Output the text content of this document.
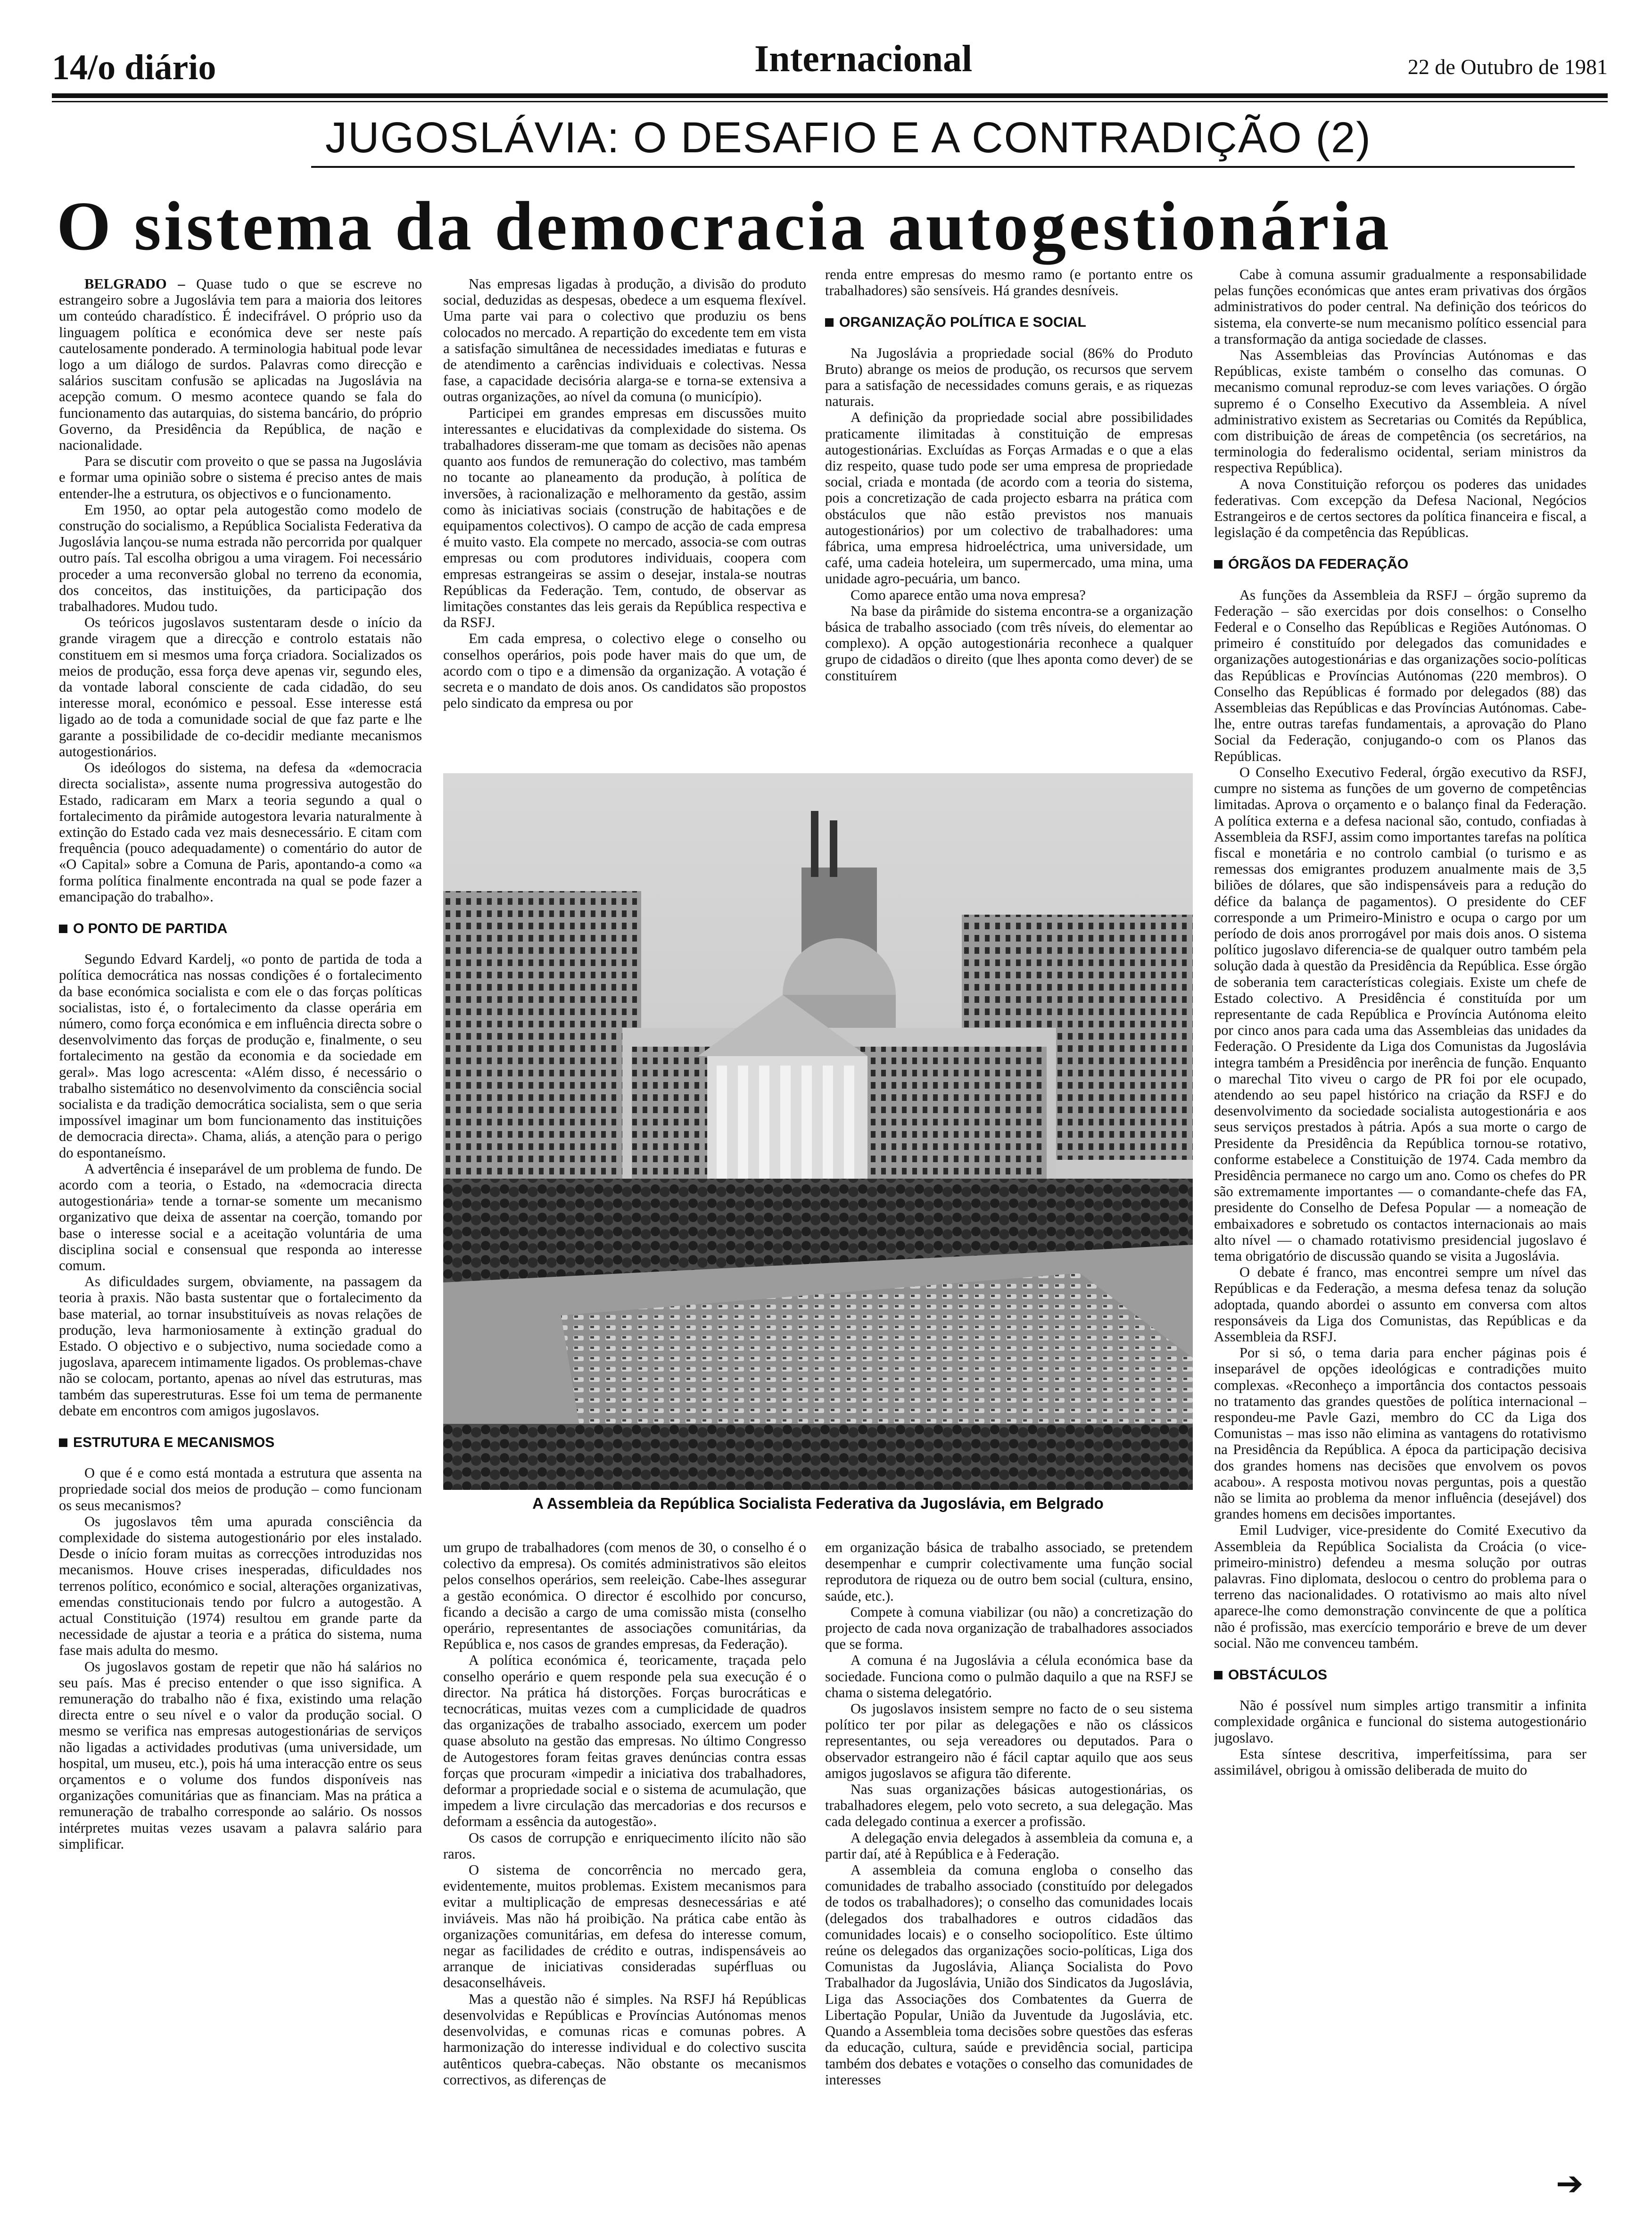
14/o diário	Internacional	22 de Outubro de 1981
JUGOSLÁVIA: O DESAFIO E A CONTRADIÇÃO (2)
O sistema da democracia autogestionária

BELGRADO – Quase tudo o que se escreve no estrangeiro sobre a Jugoslávia tem para a maioria dos leitores um conteúdo charadístico. É indecifrável. O próprio uso da linguagem política e económica deve ser neste país cautelosamente ponderado. A terminologia habitual pode levar logo a um diálogo de surdos. Palavras como direcção e salários suscitam confusão se aplicadas na Jugoslávia na acepção comum. O mesmo acontece quando se fala do funcionamento das autarquias, do sistema bancário, do próprio Governo, da Presidência da República, de nação e nacionalidade.

Para se discutir com proveito o que se passa na Jugoslávia e formar uma opinião sobre o sistema é preciso antes de mais entender-lhe a estrutura, os objectivos e o funcionamento.

Em 1950, ao optar pela autogestão como modelo de construção do socialismo, a República Socialista Federativa da Jugoslávia lançou-se numa estrada não percorrida por qualquer outro país. Tal escolha obrigou a uma viragem. Foi necessário proceder a uma reconversão global no terreno da economia, dos conceitos, das instituições, da participação dos trabalhadores. Mudou tudo.

Os teóricos jugoslavos sustentaram desde o início da grande viragem que a direcção e controlo estatais não constituem em si mesmos uma força criadora. Socializados os meios de produção, essa força deve apenas vir, segundo eles, da vontade laboral consciente de cada cidadão, do seu interesse moral, económico e pessoal. Esse interesse está ligado ao de toda a comunidade social de que faz parte e lhe garante a possibilidade de co-decidir mediante mecanismos autogestionários.

Os ideólogos do sistema, na defesa da «democracia directa socialista», assente numa progressiva autogestão do Estado, radicaram em Marx a teoria segundo a qual o fortalecimento da pirâmide autogestora levaria naturalmente à extinção do Estado cada vez mais desnecessário. E citam com frequência (pouco adequadamente) o comentário do autor de «O Capital» sobre a Comuna de Paris, apontando-a como «a forma política finalmente encontrada na qual se pode fazer a emancipação do trabalho».

O PONTO DE PARTIDA

Segundo Edvard Kardelj, «o ponto de partida de toda a política democrática nas nossas condições é o fortalecimento da base económica socialista e com ele o das forças políticas socialistas, isto é, o fortalecimento da classe operária em número, como força económica e em influência directa sobre o desenvolvimento das forças de produção e, finalmente, o seu fortalecimento na gestão da economia e da sociedade em geral». Mas logo acrescenta: «Além disso, é necessário o trabalho sistemático no desenvolvimento da consciência social socialista e da tradição democrática socialista, sem o que seria impossível imaginar um bom funcionamento das instituições de democracia directa». Chama, aliás, a atenção para o perigo do espontaneísmo.

A advertência é inseparável de um problema de fundo. De acordo com a teoria, o Estado, na «democracia directa autogestionária» tende a tornar-se somente um mecanismo organizativo que deixa de assentar na coerção, tomando por base o interesse social e a aceitação voluntária de uma disciplina social e consensual que responda ao interesse comum.

As dificuldades surgem, obviamente, na passagem da teoria à praxis. Não basta sustentar que o fortalecimento da base material, ao tornar insubstituíveis as novas relações de produção, leva harmoniosamente à extinção gradual do Estado. O objectivo e o subjectivo, numa sociedade como a jugoslava, aparecem intimamente ligados. Os problemas-chave não se colocam, portanto, apenas ao nível das estruturas, mas também das superestruturas. Esse foi um tema de permanente debate em encontros com amigos jugoslavos.

ESTRUTURA E MECANISMOS

O que é e como está montada a estrutura que assenta na propriedade social dos meios de produção – como funcionam os seus mecanismos?

Os jugoslavos têm uma apurada consciência da complexidade do sistema autogestionário por eles instalado. Desde o início foram muitas as correcções introduzidas nos mecanismos. Houve crises inesperadas, dificuldades nos terrenos político, económico e social, alterações organizativas, emendas constitucionais tendo por fulcro a autogestão. A actual Constituição (1974) resultou em grande parte da necessidade de ajustar a teoria e a prática do sistema, numa fase mais adulta do mesmo.

Os jugoslavos gostam de repetir que não há salários no seu país. Mas é preciso entender o que isso significa. A remuneração do trabalho não é fixa, existindo uma relação directa entre o seu nível e o valor da produção social. O mesmo se verifica nas empresas autogestionárias de serviços não ligadas a actividades produtivas (uma universidade, um hospital, um museu, etc.), pois há uma interacção entre os seus orçamentos e o volume dos fundos disponíveis nas organizações comunitárias que as financiam. Mas na prática a remuneração de trabalho corresponde ao salário. Os nossos intérpretes muitas vezes usavam a palavra salário para simplificar.

Nas empresas ligadas à produção, a divisão do produto social, deduzidas as despesas, obedece a um esquema flexível. Uma parte vai para o colectivo que produziu os bens colocados no mercado. A repartição do excedente tem em vista a satisfação simultânea de necessidades imediatas e futuras e de atendimento a carências individuais e colectivas. Nessa fase, a capacidade decisória alarga-se e torna-se extensiva a outras organizações, ao nível da comuna (o município).

Participei em grandes empresas em discussões muito interessantes e elucidativas da complexidade do sistema. Os trabalhadores disseram-me que tomam as decisões não apenas quanto aos fundos de remuneração do colectivo, mas também no tocante ao planeamento da produção, à política de inversões, à racionalização e melhoramento da gestão, assim como às iniciativas sociais (construção de habitações e de equipamentos colectivos). O campo de acção de cada empresa é muito vasto. Ela compete no mercado, associa-se com outras empresas ou com produtores individuais, coopera com empresas estrangeiras se assim o desejar, instala-se noutras Repúblicas da Federação. Tem, contudo, de observar as limitações constantes das leis gerais da República respectiva e da RSFJ.

Em cada empresa, o colectivo elege o conselho ou conselhos operários, pois pode haver mais do que um, de acordo com o tipo e a dimensão da organização. A votação é secreta e o mandato de dois anos. Os candidatos são propostos pelo sindicato da empresa ou por

renda entre empresas do mesmo ramo (e portanto entre os trabalhadores) são sensíveis. Há grandes desníveis.

ORGANIZAÇÃO POLÍTICA E SOCIAL

Na Jugoslávia a propriedade social (86% do Produto Bruto) abrange os meios de produção, os recursos que servem para a satisfação de necessidades comuns gerais, e as riquezas naturais.

A definição da propriedade social abre possibilidades praticamente ilimitadas à constituição de empresas autogestionárias. Excluídas as Forças Armadas e o que a elas diz respeito, quase tudo pode ser uma empresa de propriedade social, criada e montada (de acordo com a teoria do sistema, pois a concretização de cada projecto esbarra na prática com obstáculos que não estão previstos nos manuais autogestionários) por um colectivo de trabalhadores: uma fábrica, uma empresa hidroeléctrica, uma universidade, um café, uma cadeia hoteleira, um supermercado, uma mina, uma unidade agro-pecuária, um banco.

Como aparece então uma nova empresa?

Na base da pirâmide do sistema encontra-se a organização básica de trabalho associado (com três níveis, do elementar ao complexo). A opção autogestionária reconhece a qualquer grupo de cidadãos o direito (que lhes aponta como dever) de se constituírem

Cabe à comuna assumir gradualmente a responsabilidade pelas funções económicas que antes eram privativas dos órgãos administrativos do poder central. Na definição dos teóricos do sistema, ela converte-se num mecanismo político essencial para a transformação da antiga sociedade de classes.

Nas Assembleias das Províncias Autónomas e das Repúblicas, existe também o conselho das comunas. O mecanismo comunal reproduz-se com leves variações. O órgão supremo é o Conselho Executivo da Assembleia. A nível administrativo existem as Secretarias ou Comités da República, com distribuição de áreas de competência (os secretários, na terminologia do federalismo ocidental, seriam ministros da respectiva República).

A nova Constituição reforçou os poderes das unidades federativas. Com excepção da Defesa Nacional, Negócios Estrangeiros e de certos sectores da política financeira e fiscal, a legislação é da competência das Repúblicas.

ÓRGÃOS DA FEDERAÇÃO

As funções da Assembleia da RSFJ – órgão supremo da Federação – são exercidas por dois conselhos: o Conselho Federal e o Conselho das Repúblicas e Regiões Autónomas. O primeiro é constituído por delegados das comunidades e organizações autogestionárias e das organizações socio-políticas das Repúblicas e Províncias Autónomas (220 membros). O Conselho das Repúblicas é formado por delegados (88) das Assembleias das Repúblicas e das Províncias Autónomas. Cabe-lhe, entre outras tarefas fundamentais, a aprovação do Plano Social da Federação, conjugando-o com os Planos das Repúblicas.

O Conselho Executivo Federal, órgão executivo da RSFJ, cumpre no sistema as funções de um governo de competências limitadas. Aprova o orçamento e o balanço final da Federação. A política externa e a defesa nacional são, contudo, confiadas à Assembleia da RSFJ, assim como importantes tarefas na política fiscal e monetária e no controlo cambial (o turismo e as remessas dos emigrantes produzem anualmente mais de 3,5 biliões de dólares, que são indispensáveis para a redução do défice da balança de pagamentos). O presidente do CEF corresponde a um Primeiro-Ministro e ocupa o cargo por um período de dois anos prorrogável por mais dois anos. O sistema político jugoslavo diferencia-se de qualquer outro também pela solução dada à questão da Presidência da República. Esse órgão de soberania tem características colegiais. Existe um chefe de Estado colectivo. A Presidência é constituída por um representante de cada República e Província Autónoma eleito por cinco anos para cada uma das Assembleias das unidades da Federação. O Presidente da Liga dos Comunistas da Jugoslávia integra também a Presidência por inerência de função. Enquanto o marechal Tito viveu o cargo de PR foi por ele ocupado, atendendo ao seu papel histórico na criação da RSFJ e do desenvolvimento da sociedade socialista autogestionária e aos seus serviços prestados à pátria. Após a sua morte o cargo de Presidente da Presidência da República tornou-se rotativo, conforme estabelece a Constituição de 1974. Cada membro da Presidência permanece no cargo um ano. Como os chefes do PR são extremamente importantes — o comandante-chefe das FA, presidente do Conselho de Defesa Popular — a nomeação de embaixadores e sobretudo os contactos internacionais ao mais alto nível — o chamado rotativismo presidencial jugoslavo é tema obrigatório de discussão quando se visita a Jugoslávia.

O debate é franco, mas encontrei sempre um nível das Repúblicas e da Federação, a mesma defesa tenaz da solução adoptada, quando abordei o assunto em conversa com altos responsáveis da Liga dos Comunistas, das Repúblicas e da Assembleia da RSFJ.

Por si só, o tema daria para encher páginas pois é inseparável de opções ideológicas e contradições muito complexas. «Reconheço a importância dos contactos pessoais no tratamento das grandes questões de política internacional – respondeu-me Pavle Gazi, membro do CC da Liga dos Comunistas – mas isso não elimina as vantagens do rotativismo na Presidência da República. A época da participação decisiva dos grandes homens nas decisões que envolvem os povos acabou». A resposta motivou novas perguntas, pois a questão não se limita ao problema da menor influência (desejável) dos grandes homens em decisões importantes.

Emil Ludviger, vice-presidente do Comité Executivo da Assembleia da República Socialista da Croácia (o vice-primeiro-ministro) defendeu a mesma solução por outras palavras. Fino diplomata, deslocou o centro do problema para o terreno das nacionalidades. O rotativismo ao mais alto nível aparece-lhe como demonstração convincente de que a política não é profissão, mas exercício temporário e breve de um dever social. Não me convenceu também.

OBSTÁCULOS

Não é possível num simples artigo transmitir a infinita complexidade orgânica e funcional do sistema autogestionário jugoslavo.

Esta síntese descritiva, imperfeitíssima, para ser assimilável, obrigou à omissão deliberada de muito do

A Assembleia da República Socialista Federativa da Jugoslávia, em Belgrado

um grupo de trabalhadores (com menos de 30, o conselho é o colectivo da empresa). Os comités administrativos são eleitos pelos conselhos operários, sem reeleição. Cabe-lhes assegurar a gestão económica. O director é escolhido por concurso, ficando a decisão a cargo de uma comissão mista (conselho operário, representantes de associações comunitárias, da República e, nos casos de grandes empresas, da Federação).

A política económica é, teoricamente, traçada pelo conselho operário e quem responde pela sua execução é o director. Na prática há distorções. Forças burocráticas e tecnocráticas, muitas vezes com a cumplicidade de quadros das organizações de trabalho associado, exercem um poder quase absoluto na gestão das empresas. No último Congresso de Autogestores foram feitas graves denúncias contra essas forças que procuram «impedir a iniciativa dos trabalhadores, deformar a propriedade social e o sistema de acumulação, que impedem a livre circulação das mercadorias e dos recursos e deformam a essência da autogestão».

Os casos de corrupção e enriquecimento ilícito não são raros.

O sistema de concorrência no mercado gera, evidentemente, muitos problemas. Existem mecanismos para evitar a multiplicação de empresas desnecessárias e até inviáveis. Mas não há proibição. Na prática cabe então às organizações comunitárias, em defesa do interesse comum, negar as facilidades de crédito e outras, indispensáveis ao arranque de iniciativas consideradas supérfluas ou desaconselháveis.

Mas a questão não é simples. Na RSFJ há Repúblicas desenvolvidas e Repúblicas e Províncias Autónomas menos desenvolvidas, e comunas ricas e comunas pobres. A harmonização do interesse individual e do colectivo suscita autênticos quebra-cabeças. Não obstante os mecanismos correctivos, as diferenças de

em organização básica de trabalho associado, se pretendem desempenhar e cumprir colectivamente uma função social reprodutora de riqueza ou de outro bem social (cultura, ensino, saúde, etc.).

Compete à comuna viabilizar (ou não) a concretização do projecto de cada nova organização de trabalhadores associados que se forma.

A comuna é na Jugoslávia a célula económica base da sociedade. Funciona como o pulmão daquilo a que na RSFJ se chama o sistema delegatório.

Os jugoslavos insistem sempre no facto de o seu sistema político ter por pilar as delegações e não os clássicos representantes, ou seja vereadores ou deputados. Para o observador estrangeiro não é fácil captar aquilo que aos seus amigos jugoslavos se afigura tão diferente.

Nas suas organizações básicas autogestionárias, os trabalhadores elegem, pelo voto secreto, a sua delegação. Mas cada delegado continua a exercer a profissão.

A delegação envia delegados à assembleia da comuna e, a partir daí, até à República e à Federação.

A assembleia da comuna engloba o conselho das comunidades de trabalho associado (constituído por delegados de todos os trabalhadores); o conselho das comunidades locais (delegados dos trabalhadores e outros cidadãos das comunidades locais) e o conselho sociopolítico. Este último reúne os delegados das organizações socio-políticas, Liga dos Comunistas da Jugoslávia, Aliança Socialista do Povo Trabalhador da Jugoslávia, União dos Sindicatos da Jugoslávia, Liga das Associações dos Combatentes da Guerra de Libertação Popular, União da Juventude da Jugoslávia, etc. Quando a Assembleia toma decisões sobre questões das esferas da educação, cultura, saúde e previdência social, participa também dos debates e votações o conselho das comunidades de interesses

➔
